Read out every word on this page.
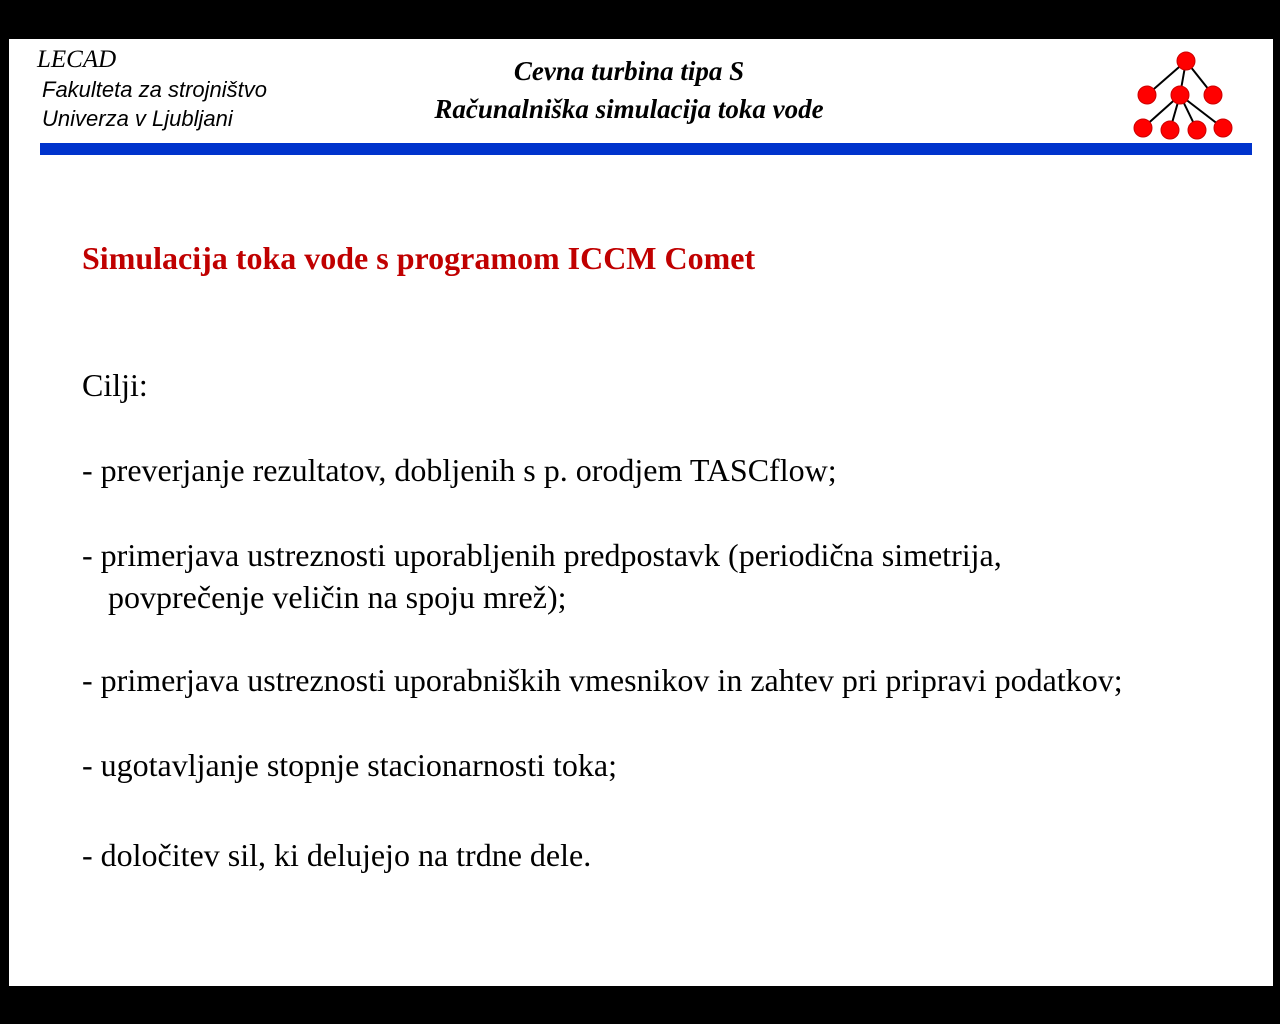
LECAD
Fakulteta za strojništvo
Univerza v Ljubljani
Cevna turbina tipa S
Računalniška simulacija toka vode
Simulacija toka vode s programom ICCM Comet
Cilji:
- preverjanje rezultatov, dobljenih s p. orodjem TASCflow;
- primerjava ustreznosti uporabljenih predpostavk (periodična simetrija,
povprečenje veličin na spoju mrež);
- primerjava ustreznosti uporabniških vmesnikov in zahtev pri pripravi podatkov;
- ugotavljanje stopnje stacionarnosti toka;
- določitev sil, ki delujejo na trdne dele.
